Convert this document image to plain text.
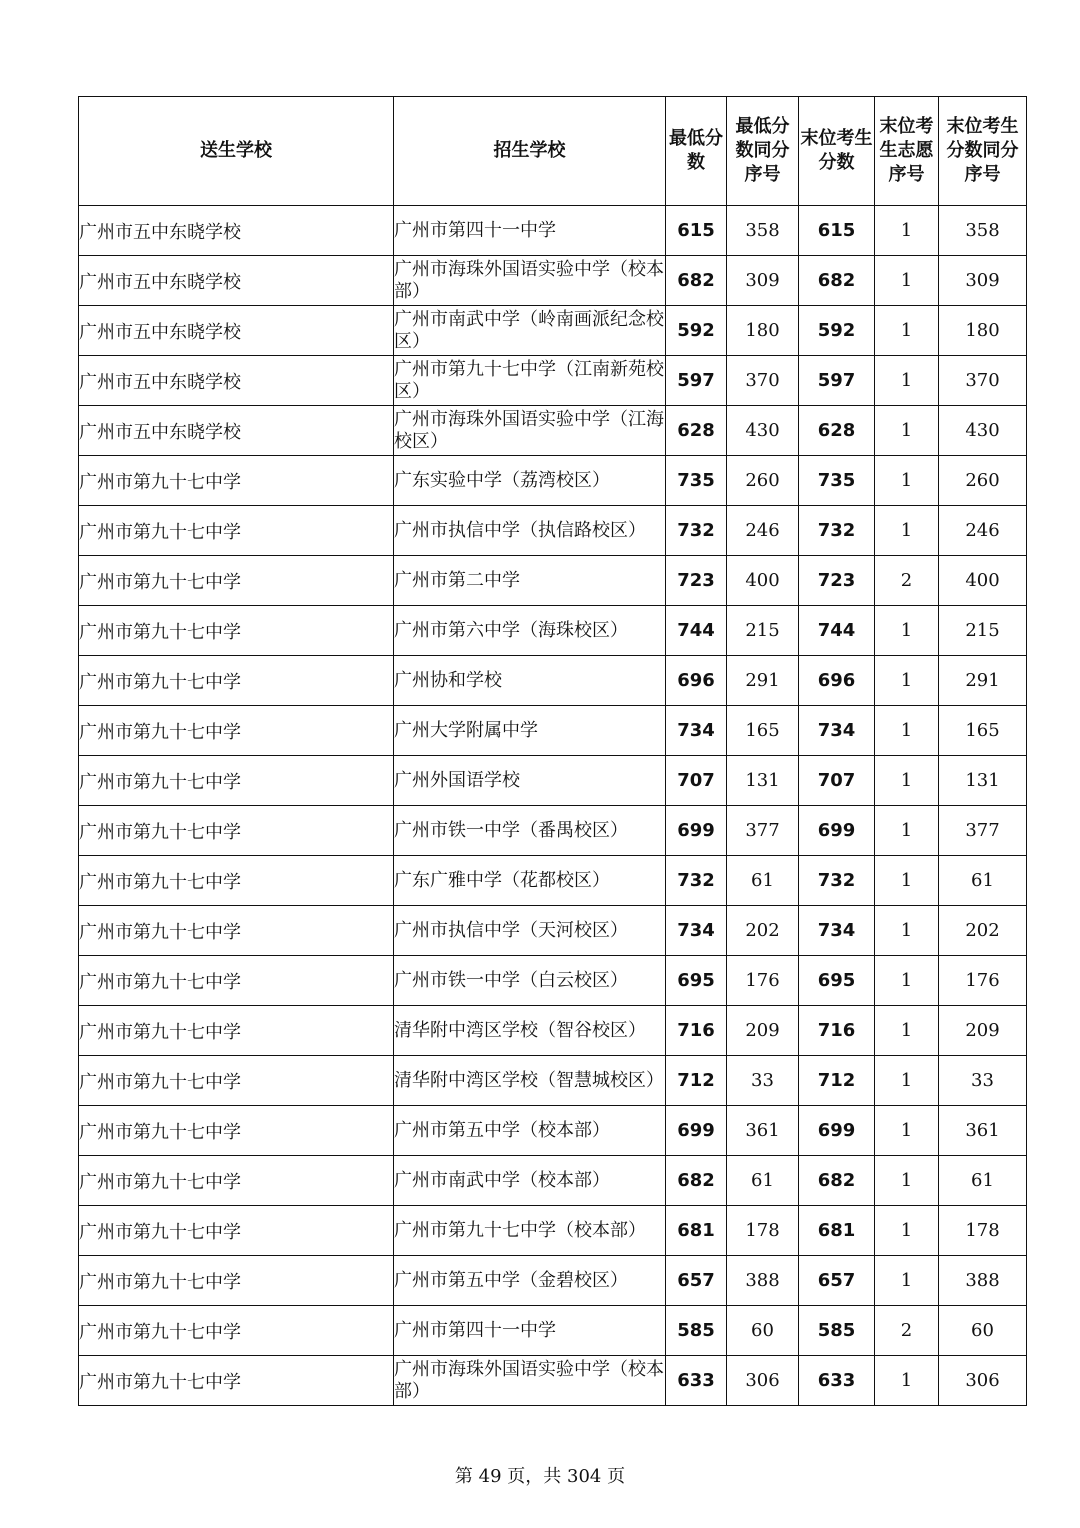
送生学校	招生学校	最低分数	最低分数同分序号	末位考生分数	末位考生志愿序号	末位考生分数同分序号
广州市五中东晓学校	广州市第四十一中学	615	358	615	1	358
广州市五中东晓学校	广州市海珠外国语实验中学（校本部）	682	309	682	1	309
广州市五中东晓学校	广州市南武中学（岭南画派纪念校区）	592	180	592	1	180
广州市五中东晓学校	广州市第九十七中学（江南新苑校区）	597	370	597	1	370
广州市五中东晓学校	广州市海珠外国语实验中学（江海校区）	628	430	628	1	430
广州市第九十七中学	广东实验中学（荔湾校区）	735	260	735	1	260
广州市第九十七中学	广州市执信中学（执信路校区）	732	246	732	1	246
广州市第九十七中学	广州市第二中学	723	400	723	2	400
广州市第九十七中学	广州市第六中学（海珠校区）	744	215	744	1	215
广州市第九十七中学	广州协和学校	696	291	696	1	291
广州市第九十七中学	广州大学附属中学	734	165	734	1	165
广州市第九十七中学	广州外国语学校	707	131	707	1	131
广州市第九十七中学	广州市铁一中学（番禺校区）	699	377	699	1	377
广州市第九十七中学	广东广雅中学（花都校区）	732	61	732	1	61
广州市第九十七中学	广州市执信中学（天河校区）	734	202	734	1	202
广州市第九十七中学	广州市铁一中学（白云校区）	695	176	695	1	176
广州市第九十七中学	清华附中湾区学校（智谷校区）	716	209	716	1	209
广州市第九十七中学	清华附中湾区学校（智慧城校区）	712	33	712	1	33
广州市第九十七中学	广州市第五中学（校本部）	699	361	699	1	361
广州市第九十七中学	广州市南武中学（校本部）	682	61	682	1	61
广州市第九十七中学	广州市第九十七中学（校本部）	681	178	681	1	178
广州市第九十七中学	广州市第五中学（金碧校区）	657	388	657	1	388
广州市第九十七中学	广州市第四十一中学	585	60	585	2	60
广州市第九十七中学	广州市海珠外国语实验中学（校本部）	633	306	633	1	306
第 49 页，共 304 页
